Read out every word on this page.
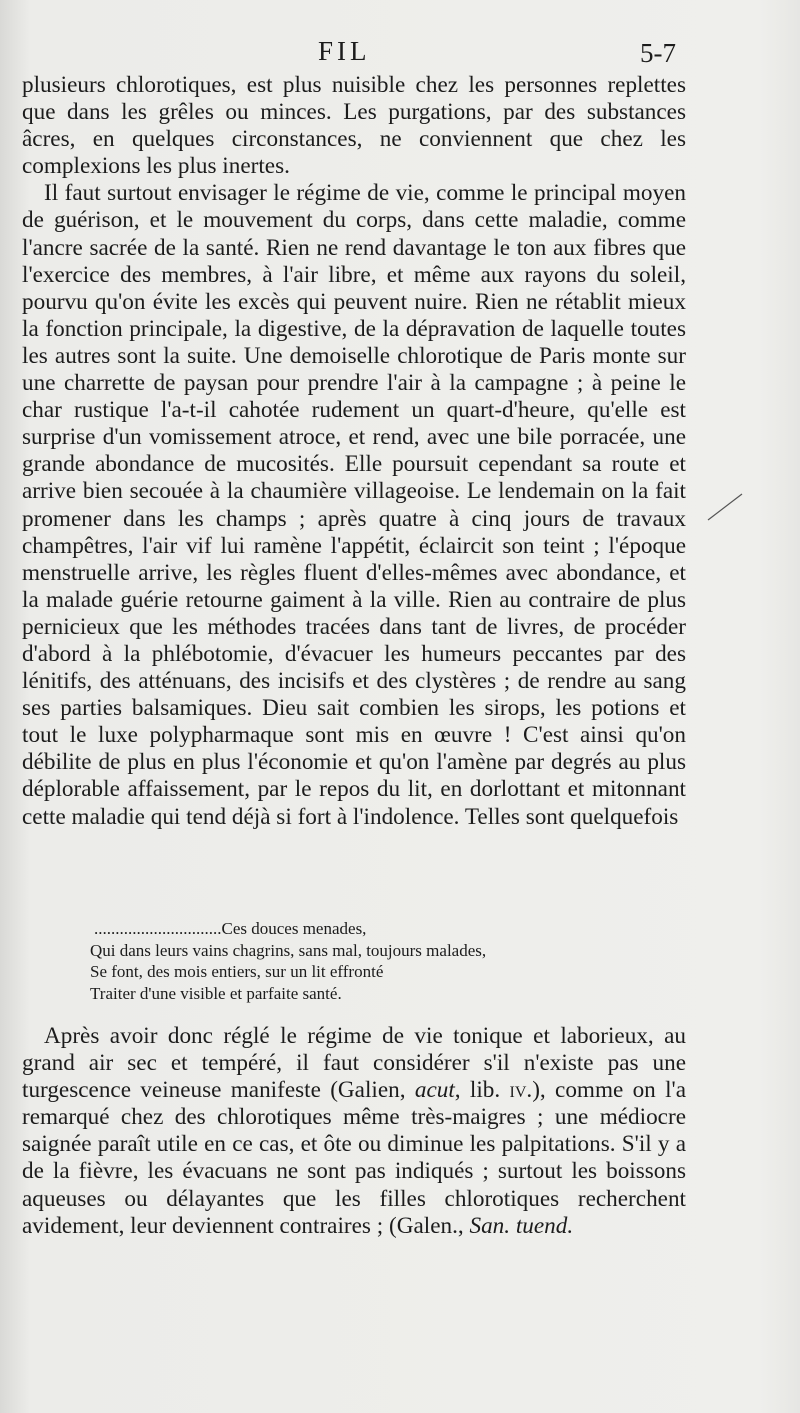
FIL	5-7

plusieurs chlorotiques, est plus nuisible chez les personnes replettes que dans les grêles ou minces. Les purgations, par des substances âcres, en quelques circonstances, ne conviennent que chez les complexions les plus inertes.

Il faut surtout envisager le régime de vie, comme le principal moyen de guérison, et le mouvement du corps, dans cette maladie, comme l'ancre sacrée de la santé. Rien ne rend davantage le ton aux fibres que l'exercice des membres, à l'air libre, et même aux rayons du soleil, pourvu qu'on évite les excès qui peuvent nuire. Rien ne rétablit mieux la fonction principale, la digestive, de la dépravation de laquelle toutes les autres sont la suite. Une demoiselle chlorotique de Paris monte sur une charrette de paysan pour prendre l'air à la campagne ; à peine le char rustique l'a-t-il cahotée rudement un quart-d'heure, qu'elle est surprise d'un vomissement atroce, et rend, avec une bile porracée, une grande abondance de mucosités. Elle poursuit cependant sa route et arrive bien secouée à la chaumière villageoise. Le lendemain on la fait promener dans les champs ; après quatre à cinq jours de travaux champêtres, l'air vif lui ramène l'appétit, éclaircit son teint ; l'époque menstruelle arrive, les règles fluent d'elles-mêmes avec abondance, et la malade guérie retourne gaiment à la ville. Rien au contraire de plus pernicieux que les méthodes tracées dans tant de livres, de procéder d'abord à la phlébotomie, d'évacuer les humeurs peccantes par des lénitifs, des atténuans, des incisifs et des clystères ; de rendre au sang ses parties balsamiques. Dieu sait combien les sirops, les potions et tout le luxe polypharmaque sont mis en œuvre ! C'est ainsi qu'on débilite de plus en plus l'économie et qu'on l'amène par degrés au plus déplorable affaissement, par le repos du lit, en dorlottant et mitonnant cette maladie qui tend déjà si fort à l'indolence. Telles sont quelquefois

..............................Ces douces menades,
Qui dans leurs vains chagrins, sans mal, toujours malades,
Se font, des mois entiers, sur un lit effronté
Traiter d'une visible et parfaite santé.

Après avoir donc réglé le régime de vie tonique et laborieux, au grand air sec et tempéré, il faut considérer s'il n'existe pas une turgescence veineuse manifeste (Galien, acut, lib. iv.), comme on l'a remarqué chez des chlorotiques même très-maigres ; une médiocre saignée paraît utile en ce cas, et ôte ou diminue les palpitations. S'il y a de la fièvre, les évacuans ne sont pas indiqués ; surtout les boissons aqueuses ou délayantes que les filles chlorotiques recherchent avidement, leur deviennent contraires ; (Galen., San. tuend.
